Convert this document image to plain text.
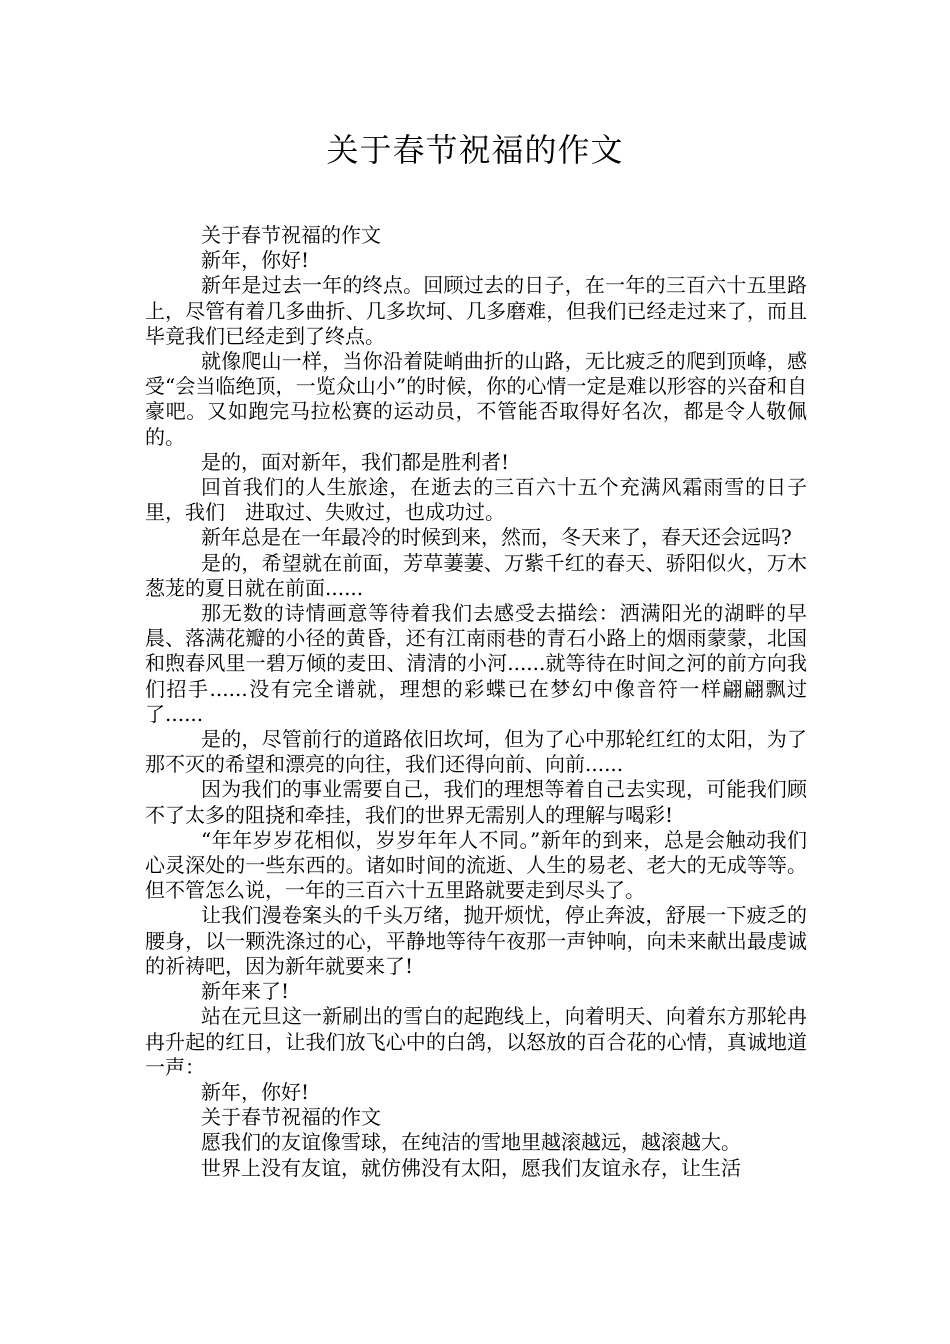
关于春节祝福的作文

关于春节祝福的作文

新年，你好!

新年是过去一年的终点。回顾过去的日子，在一年的三百六十五里路上，尽管有着几多曲折、几多坎坷、几多磨难，但我们已经走过来了，而且毕竟我们已经走到了终点。

就像爬山一样，当你沿着陡峭曲折的山路，无比疲乏的爬到顶峰，感受“会当临绝顶，一览众山小”的时候，你的心情一定是难以形容的兴奋和自豪吧。又如跑完马拉松赛的运动员，不管能否取得好名次，都是令人敬佩的。

是的，面对新年，我们都是胜利者!

回首我们的人生旅途，在逝去的三百六十五个充满风霜雨雪的日子里，我们　进取过、失败过，也成功过。

新年总是在一年最冷的时候到来，然而，冬天来了，春天还会远吗?

是的，希望就在前面，芳草萋萋、万紫千红的春天、骄阳似火，万木葱茏的夏日就在前面......

那无数的诗情画意等待着我们去感受去描绘：洒满阳光的湖畔的早晨、落满花瓣的小径的黄昏，还有江南雨巷的青石小路上的烟雨蒙蒙，北国和煦春风里一碧万倾的麦田、清清的小河......就等待在时间之河的前方向我们招手......没有完全谱就，理想的彩蝶已在梦幻中像音符一样翩翩飘过了......

是的，尽管前行的道路依旧坎坷，但为了心中那轮红红的太阳，为了那不灭的希望和漂亮的向往，我们还得向前、向前......

因为我们的事业需要自己，我们的理想等着自己去实现，可能我们顾不了太多的阻挠和牵挂，我们的世界无需别人的理解与喝彩!

“年年岁岁花相似，岁岁年年人不同。”新年的到来，总是会触动我们心灵深处的一些东西的。诸如时间的流逝、人生的易老、老大的无成等等。但不管怎么说，一年的三百六十五里路就要走到尽头了。

让我们漫卷案头的千头万绪，抛开烦忧，停止奔波，舒展一下疲乏的腰身，以一颗洗涤过的心，平静地等待午夜那一声钟响，向未来献出最虔诚的祈祷吧，因为新年就要来了!

新年来了!

站在元旦这一新刷出的雪白的起跑线上，向着明天、向着东方那轮冉冉升起的红日，让我们放飞心中的白鸽，以怒放的百合花的心情，真诚地道一声：

新年，你好!

关于春节祝福的作文

愿我们的友谊像雪球，在纯洁的雪地里越滚越远，越滚越大。

世界上没有友谊，就仿佛没有太阳，愿我们友谊永存，让生活
